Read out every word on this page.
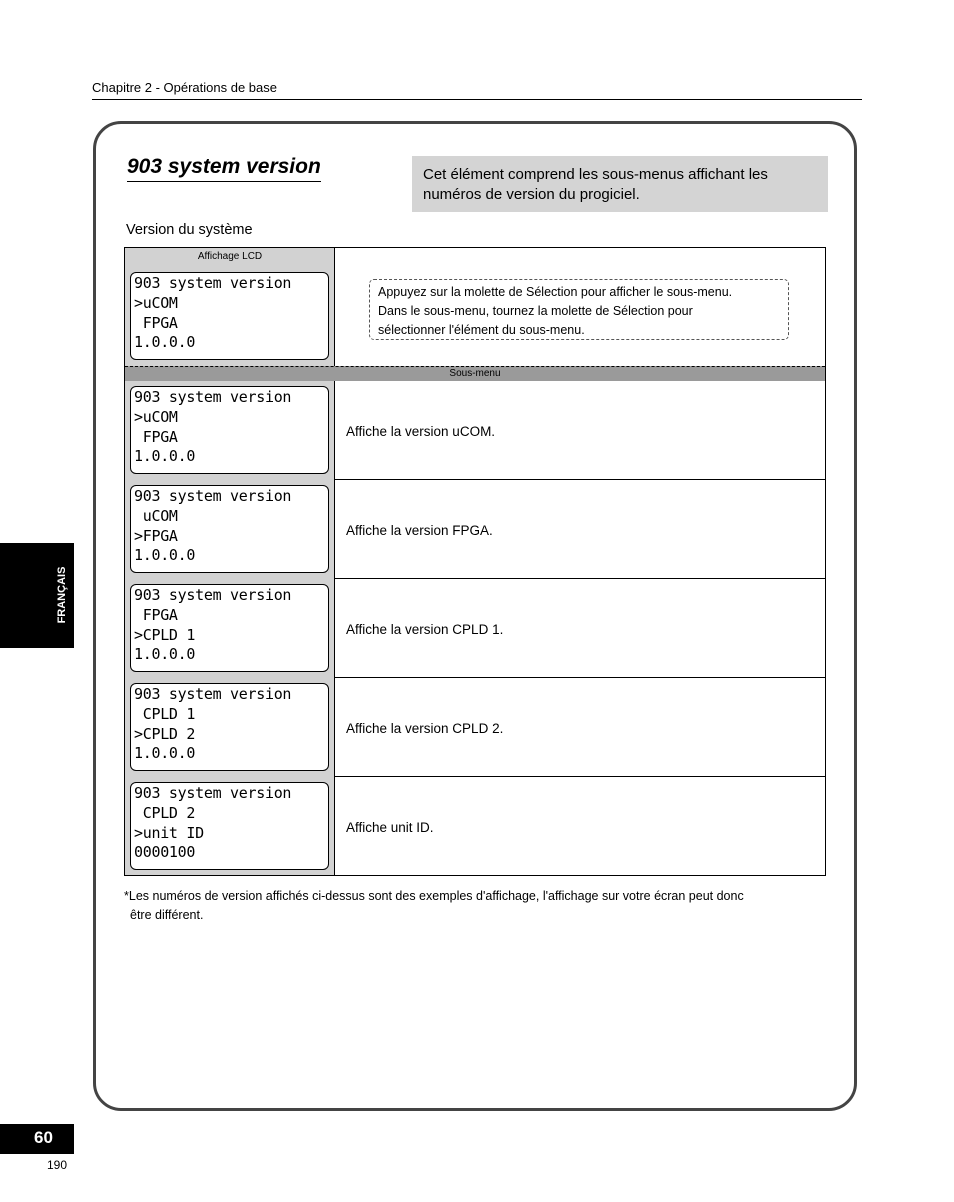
Chapitre 2 - Opérations de base
903 system version	Cet élément comprend les sous-menus affichant les numéros de version du progiciel.
Version du système
Affichage LCD
903 system version
>uCOM
FPGA
1.0.0.0
903 system version
>uCOM
FPGA
1.0.0.0
903 system version
uCOM
>FPGA
1.0.0.0
903 system version
FPGA
>CPLD 1
1.0.0.0
903 system version
CPLD 1
>CPLD 2
1.0.0.0
903 system version
CPLD 2
>unit ID
0000100
Appuyez sur la molette de Sélection pour afficher le sous-menu.
Dans le sous-menu, tournez la molette de Sélection pour
sélectionner l'élément du sous-menu.
Sous-menu
Affiche la version uCOM.
Affiche la version FPGA.
Affiche la version CPLD 1.
Affiche la version CPLD 2.
Affiche unit ID.
*Les numéros de version affichés ci-dessus sont des exemples d'affichage, l'affichage sur votre écran peut donc
être différent.
FRANÇAIS
60
190
